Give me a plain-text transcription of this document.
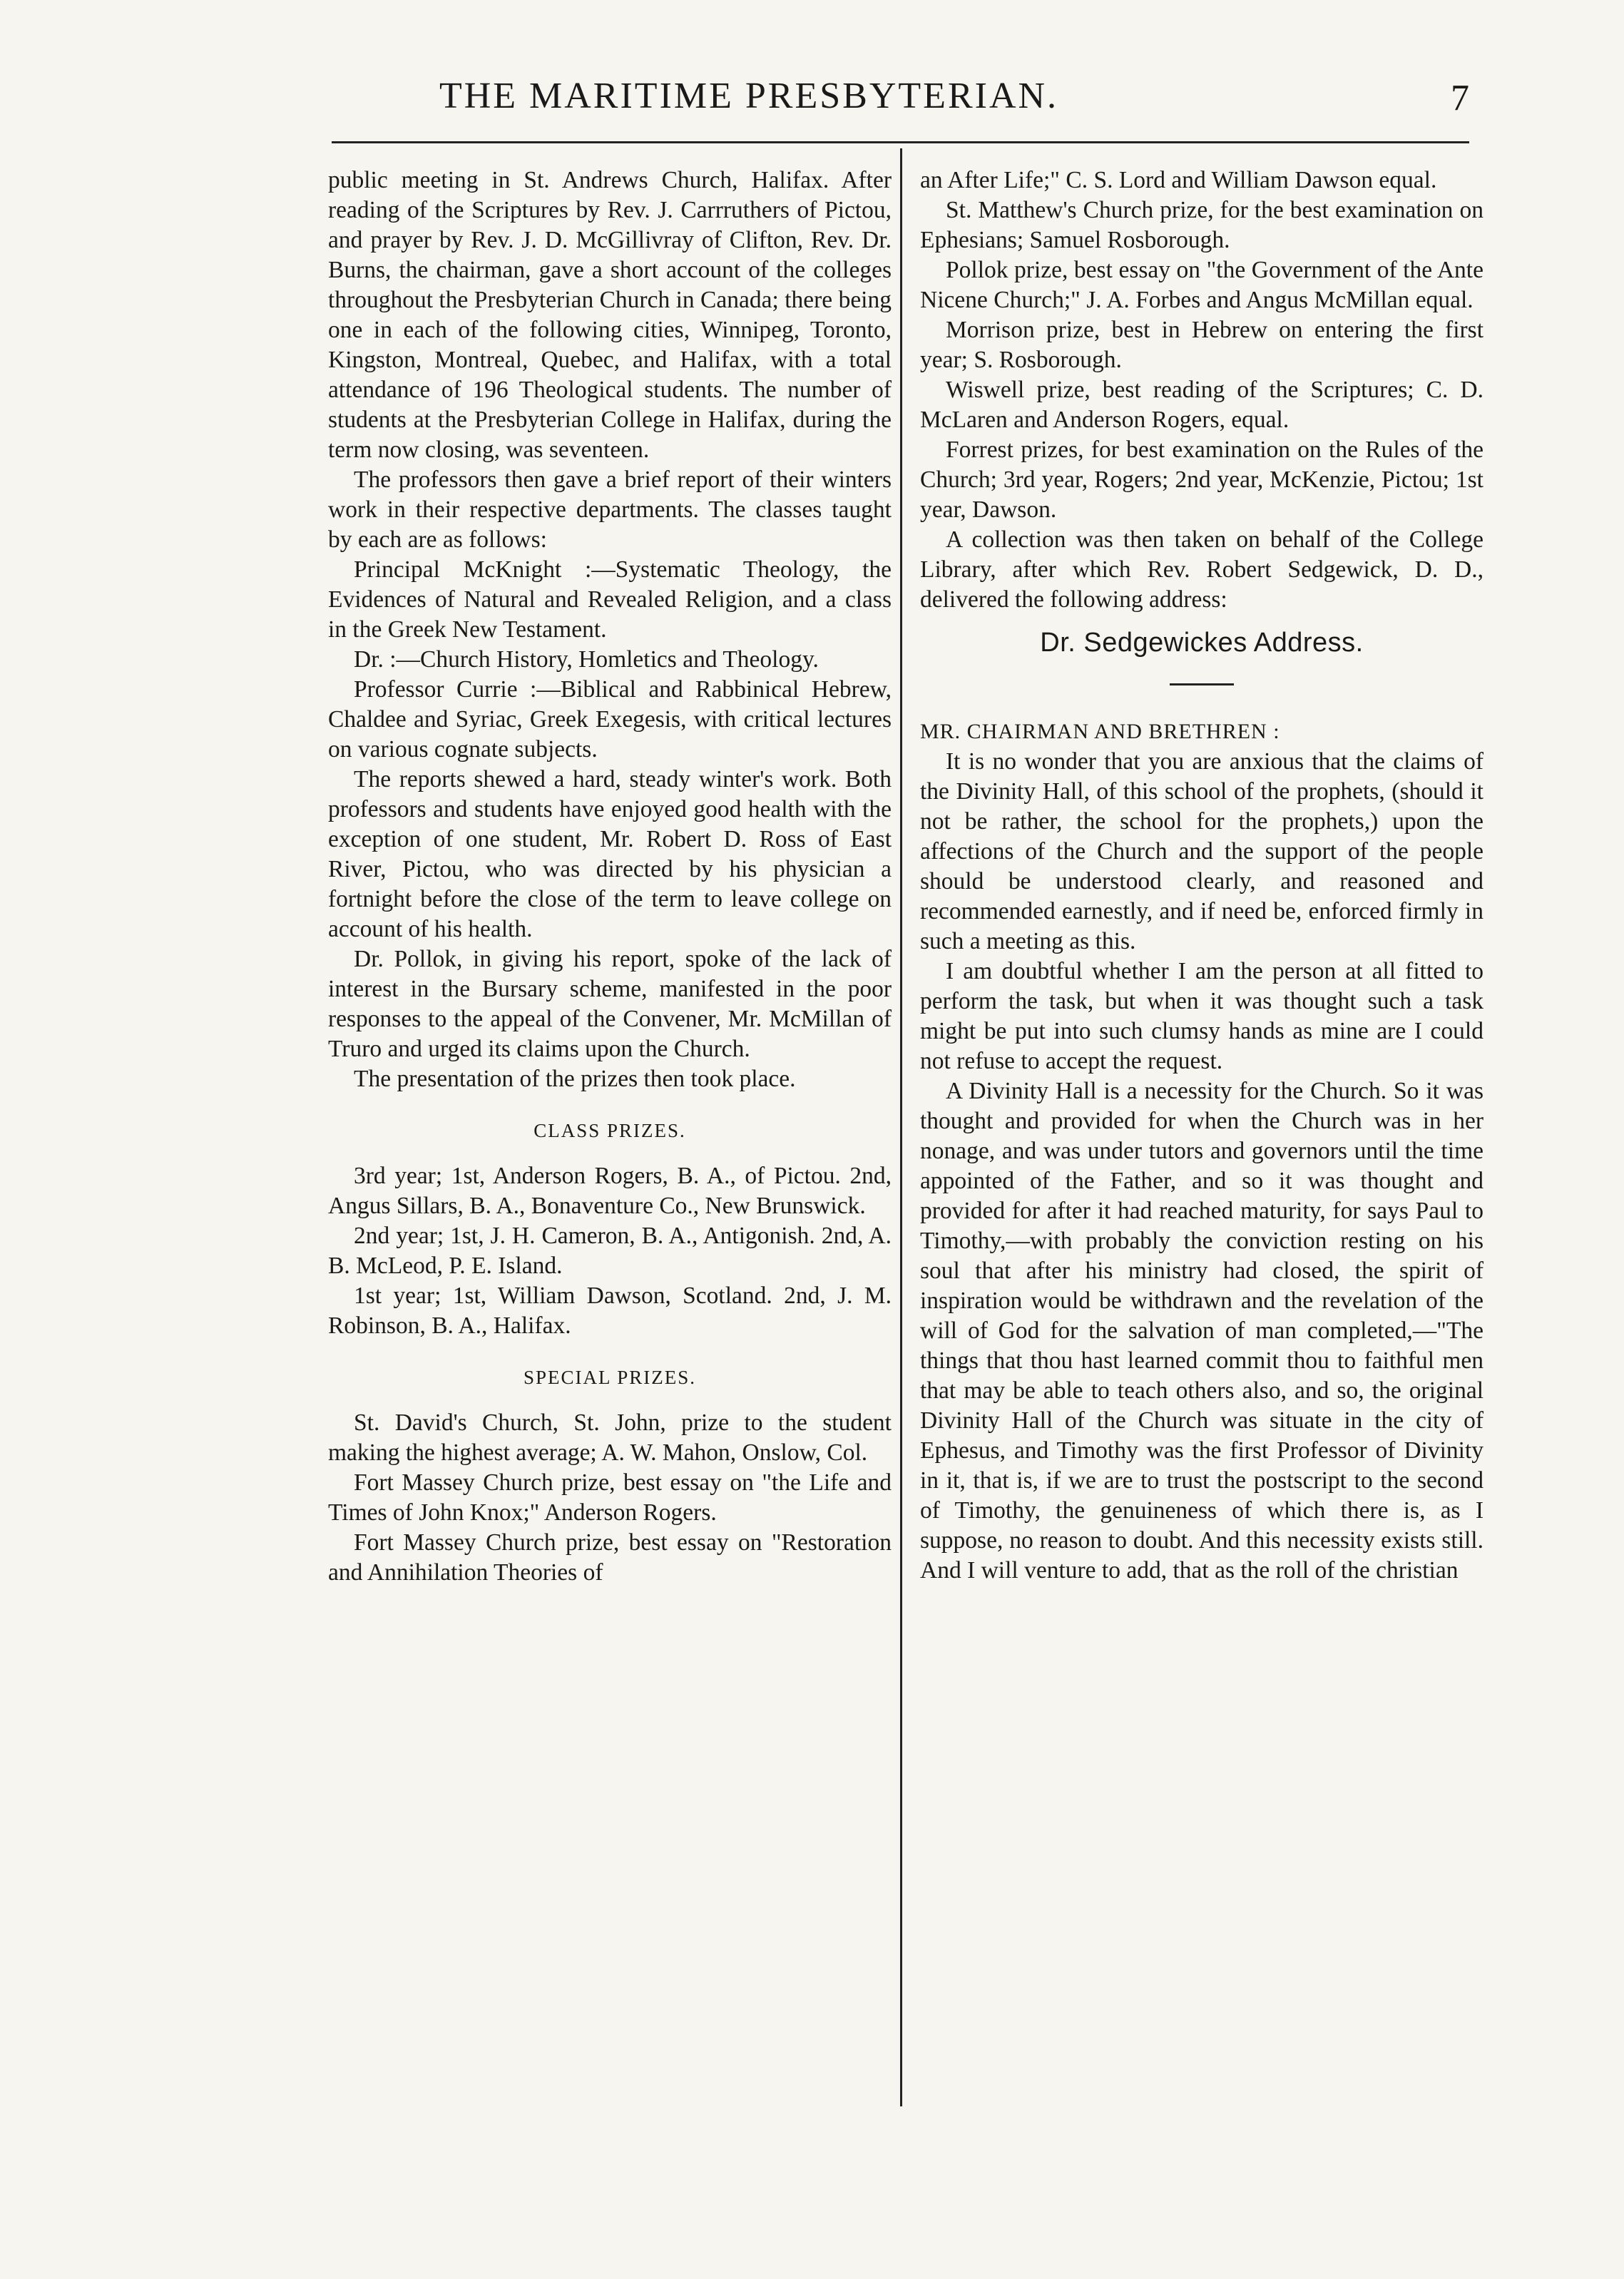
THE MARITIME PRESBYTERIAN.	7

public meeting in St. Andrews Church, Halifax. After reading of the Scriptures by Rev. J. Carrruthers of Pictou, and prayer by Rev. J. D. McGillivray of Clifton, Rev. Dr. Burns, the chairman, gave a short account of the colleges throughout the Presbyterian Church in Canada; there being one in each of the following cities, Winnipeg, Toronto, Kingston, Montreal, Quebec, and Halifax, with a total attendance of 196 Theological students. The number of students at the Presbyterian College in Halifax, during the term now closing, was seventeen.

The professors then gave a brief report of their winters work in their respective departments. The classes taught by each are as follows:

Principal McKnight :—Systematic Theology, the Evidences of Natural and Revealed Religion, and a class in the Greek New Testament.

Dr. :—Church History, Homletics and Theology.

Professor Currie :—Biblical and Rabbinical Hebrew, Chaldee and Syriac, Greek Exegesis, with critical lectures on various cognate subjects.

The reports shewed a hard, steady winter's work. Both professors and students have enjoyed good health with the exception of one student, Mr. Robert D. Ross of East River, Pictou, who was directed by his physician a fortnight before the close of the term to leave college on account of his health.

Dr. Pollok, in giving his report, spoke of the lack of interest in the Bursary scheme, manifested in the poor responses to the appeal of the Convener, Mr. McMillan of Truro and urged its claims upon the Church.

The presentation of the prizes then took place.

CLASS PRIZES.

3rd year; 1st, Anderson Rogers, B. A., of Pictou. 2nd, Angus Sillars, B. A., Bonaventure Co., New Brunswick.

2nd year; 1st, J. H. Cameron, B. A., Antigonish. 2nd, A. B. McLeod, P. E. Island.

1st year; 1st, William Dawson, Scotland. 2nd, J. M. Robinson, B. A., Halifax.

SPECIAL PRIZES.

St. David's Church, St. John, prize to the student making the highest average; A. W. Mahon, Onslow, Col.

Fort Massey Church prize, best essay on "the Life and Times of John Knox;" Anderson Rogers.

Fort Massey Church prize, best essay on "Restoration and Annihilation Theories of

an After Life;" C. S. Lord and William Dawson equal.

St. Matthew's Church prize, for the best examination on Ephesians; Samuel Rosborough.

Pollok prize, best essay on "the Government of the Ante Nicene Church;" J. A. Forbes and Angus McMillan equal.

Morrison prize, best in Hebrew on entering the first year; S. Rosborough.

Wiswell prize, best reading of the Scriptures; C. D. McLaren and Anderson Rogers, equal.

Forrest prizes, for best examination on the Rules of the Church; 3rd year, Rogers; 2nd year, McKenzie, Pictou; 1st year, Dawson.

A collection was then taken on behalf of the College Library, after which Rev. Robert Sedgewick, D. D., delivered the following address:

Dr. Sedgewickes Address.

MR. CHAIRMAN AND BRETHREN :

It is no wonder that you are anxious that the claims of the Divinity Hall, of this school of the prophets, (should it not be rather, the school for the prophets,) upon the affections of the Church and the support of the people should be understood clearly, and reasoned and recommended earnestly, and if need be, enforced firmly in such a meeting as this.

I am doubtful whether I am the person at all fitted to perform the task, but when it was thought such a task might be put into such clumsy hands as mine are I could not refuse to accept the request.

A Divinity Hall is a necessity for the Church. So it was thought and provided for when the Church was in her nonage, and was under tutors and governors until the time appointed of the Father, and so it was thought and provided for after it had reached maturity, for says Paul to Timothy,—with probably the conviction resting on his soul that after his ministry had closed, the spirit of inspiration would be withdrawn and the revelation of the will of God for the salvation of man completed,—"The things that thou hast learned commit thou to faithful men that may be able to teach others also, and so, the original Divinity Hall of the Church was situate in the city of Ephesus, and Timothy was the first Professor of Divinity in it, that is, if we are to trust the postscript to the second of Timothy, the genuineness of which there is, as I suppose, no reason to doubt. And this necessity exists still. And I will venture to add, that as the roll of the christian
